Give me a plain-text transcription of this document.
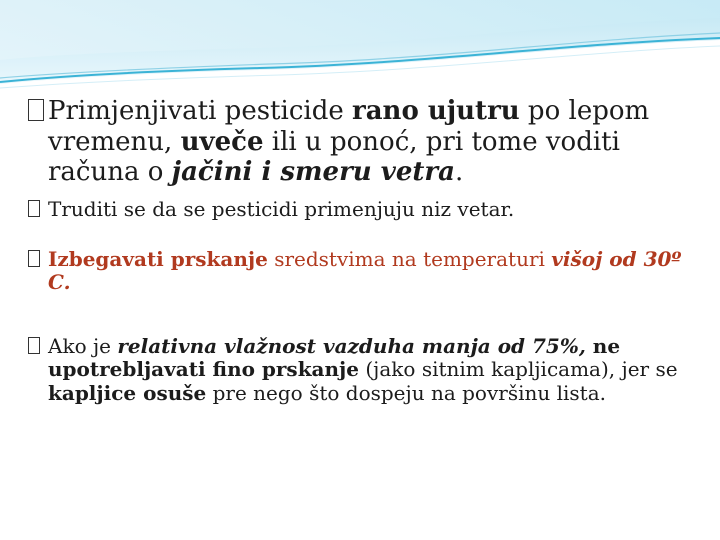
Primjenjivati pesticide rano ujutru po lepom vremenu, uveče ili u ponoć, pri tome voditi računa o jačini i smeru vetra.
Truditi se da se pesticidi primenjuju niz vetar.
Izbegavati prskanje sredstvima na temperaturi višoj od 30º C.
Ako je relativna vlažnost vazduha manja od 75%, ne upotrebljavati fino prskanje (jako sitnim kapljicama), jer se kapljice osuše pre nego što dospeju na površinu lista.
